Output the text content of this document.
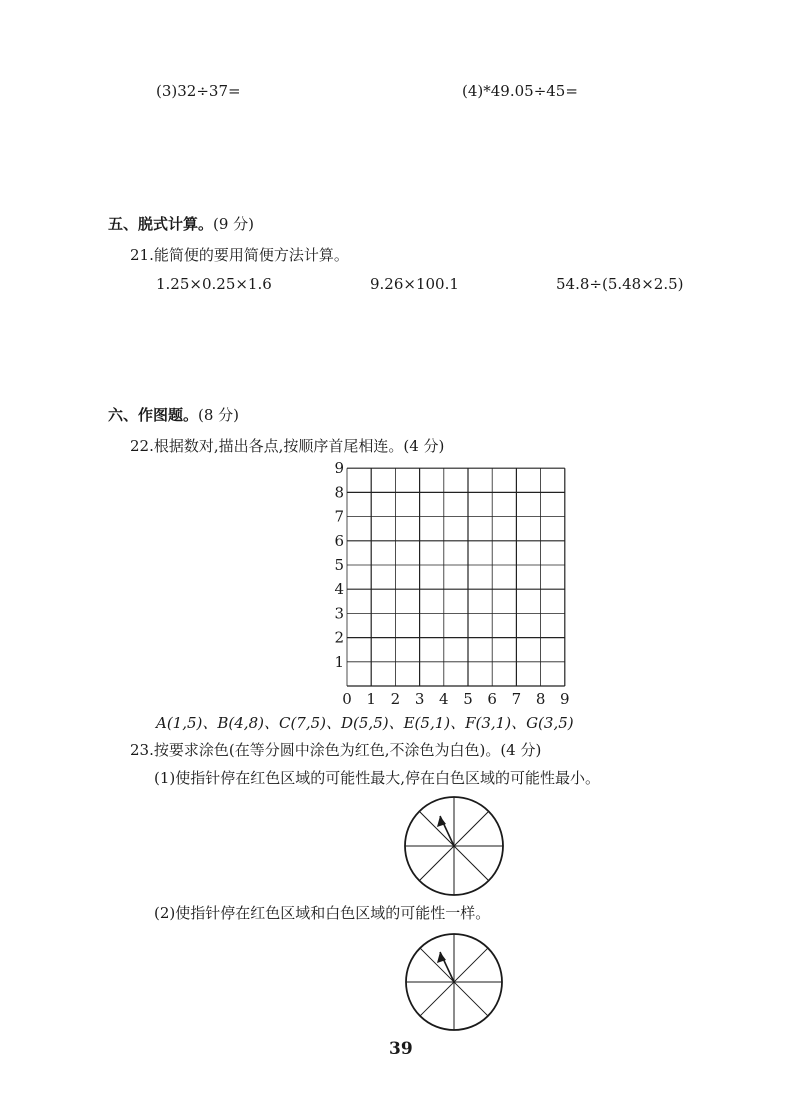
(3)32÷37=	(4)*49.05÷45=
五、脱式计算。(9 分)
21.能简便的要用简便方法计算。
1.25×0.25×1.6	9.26×100.1	54.8÷(5.48×2.5)
六、作图题。(8 分)
22.根据数对,描出各点,按顺序首尾相连。(4 分)
0 1 2 3 4 5 6 7 8 9
1
2
3
4
5
6
7
8
9
A(1,5)、B(4,8)、C(7,5)、D(5,5)、E(5,1)、F(3,1)、G(3,5)
23.按要求涂色(在等分圆中涂色为红色,不涂色为白色)。(4 分)
(1)使指针停在红色区域的可能性最大,停在白色区域的可能性最小。
(2)使指针停在红色区域和白色区域的可能性一样。
39
